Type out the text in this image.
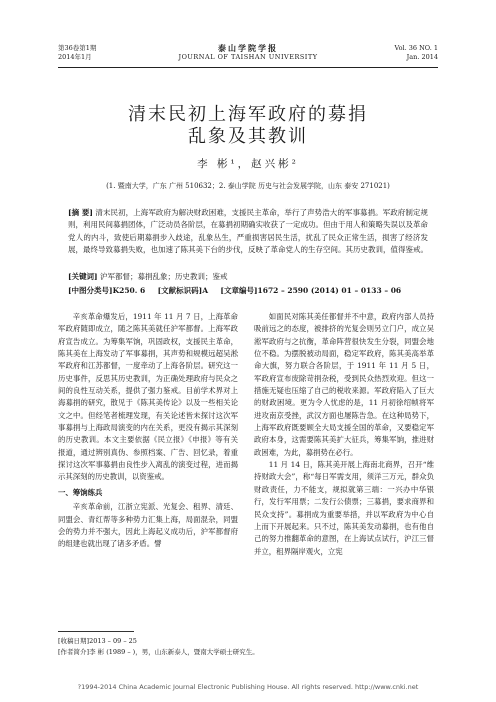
第36卷第1期
2014年1月
泰山学院学报
JOURNAL OF TAISHAN UNIVERSITY
Vol. 36 NO. 1
Jan. 2014
清末民初上海军政府的募捐
乱象及其教训
李 彬¹，赵兴彬²
(1. 暨南大学，广东 广州 510632；2. 泰山学院 历史与社会发展学院，山东 泰安 271021)
[摘 要] 清末民初，上海军政府为解决财政困难，支援民主革命，举行了声势浩大的军事募捐。军政府制定规则，利用民间募捐团体，广泛动员各阶层，在募捐初期确实收获了一定成功。但由于用人和策略失误以及革命党人的内斗，致使后期募捐步入歧途，乱象丛生，严重损害居民生活，扰乱了民众正常生活，损害了经济发展，最终导致募捐失败，也加速了陈其美下台的步伐，反映了革命党人的生存空间。其历史教训，值得鉴戒。
[关键词] 沪军都督；募捐乱象；历史教训；鉴戒
[中图分类号]K250. 6 [文献标识码]A [文章编号]1672 – 2590 (2014) 01 – 0133 – 06

辛亥革命爆发后，1911 年 11 月 7 日，上海革命军政府随即成立，随之陈其美就任沪军都督。上海军政府宣告成立。为筹集军饷，巩固政权，支援民主革命，陈其美在上海发动了军事募捐，其声势和规模远超吴淞军政府和江苏都督，一度牵动了上海各阶层。研究这一历史事件，反思其历史教训，为正确处理政府与民众之间的良性互动关系，提供了强力鉴戒。目前学术界对上海募捐的研究，散见于《陈其美传论》以及一些相关论文之中。但经笔者梳理发现，有关论述皆未探讨这次军事募捐与上海政局演变的内在关系，更没有揭示其深刻的历史教训。本文主要依据《民立报》《申报》等有关报道，通过辨别真伪、参照档案、广告、回忆录，着重探讨这次军事募捐由良性步入离乱的演变过程，进而揭示其深刻的历史教训，以资鉴戒。

一、筹饷练兵

辛亥革命前，江浙立宪派、光复会、租界、清廷、同盟会、青红帮等多种势力汇集上海，局面混杂，同盟会的势力并不强大，因此上海起义成功后，沪军都督府的组建也就出现了诸多矛盾。譬

如面民对陈其美任都督并不中意，政府内部人员持吸前远之的态度，被排挤的光复会则另立门户，成立吴淞军政府与之抗衡，革命阵营很快发生分裂，同盟会地位不稳。为摆脱被动局面，稳定军政府，陈其美高举革命大旗，努力联合各阶层，于 1911 年 11 月 5 日，军政府宣布废除苛捐杂税，受到民众热烈欢迎。但这一措施无疑也压缩了自己的税收来源。军政府陷入了巨大的财政困境。更为令人忧虑的是，11 月初徐绍帧将军进攻南京受挫，武汉方面也屡陈告急。在这种局势下，上海军政府既要顾全大局支援全国的革命，又要稳定军政府本身，这需要陈其美扩大征兵，筹集军饷，推进财政困难，为此，募捐势在必行。

11 月 14 日，陈其美开展上海南北商界，召开“维持财政大会”，称“每日军需支用，须洋三万元，群众负财政责任，力不能支，规拟就第三端：一兴办中华银行，发行军用票；二发行公债票；三募捐，要求商界和民众支持”。募捐成为重要举措，并以军政府为中心自上而下开展起来。只不过，陈其美发动募捐，也有他自己的努力推翻革命的意图，在上海试点试行，沪江三督并立，租界隔岸观火，立宪

[收稿日期]2013 – 09 – 25
[作者简介]李 彬 (1989 – )，男，山东新泰人，暨南大学硕士研究生。
?1994-2014 China Academic Journal Electronic Publishing House. All rights reserved. http://www.cnki.net
